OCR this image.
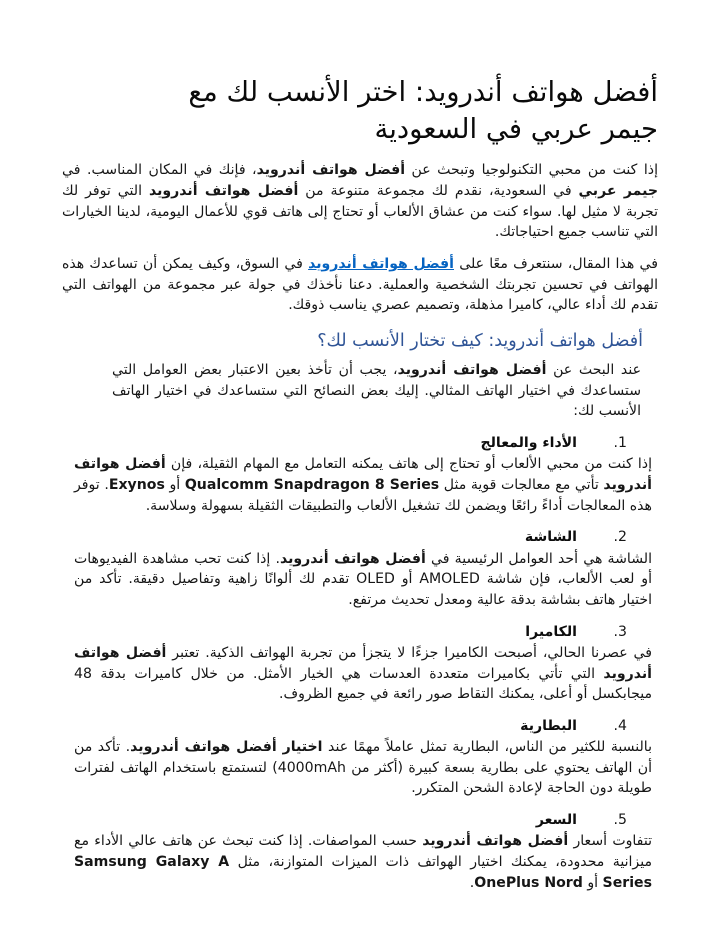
أفضل هواتف أندرويد: اختر الأنسب لك مع
جيمر عربي في السعودية

إذا كنت من محبي التكنولوجيا وتبحث عن أفضل هواتف أندرويد، فإنك في المكان المناسب. في جيمر عربي في السعودية، نقدم لك مجموعة متنوعة من أفضل هواتف أندرويد التي توفر لك تجربة لا مثيل لها. سواء كنت من عشاق الألعاب أو تحتاج إلى هاتف قوي للأعمال اليومية، لدينا الخيارات التي تناسب جميع احتياجاتك.

في هذا المقال، سنتعرف معًا على أفضل هواتف أندرويد في السوق، وكيف يمكن أن تساعدك هذه الهواتف في تحسين تجربتك الشخصية والعملية. دعنا نأخذك في جولة عبر مجموعة من الهواتف التي تقدم لك أداء عالي، كاميرا مذهلة، وتصميم عصري يناسب ذوقك.

أفضل هواتف أندرويد: كيف تختار الأنسب لك؟

عند البحث عن أفضل هواتف أندرويد، يجب أن تأخذ بعين الاعتبار بعض العوامل التي ستساعدك في اختيار الهاتف المثالي. إليك بعض النصائح التي ستساعدك في اختيار الهاتف الأنسب لك:

1.الأداء والمعالج

إذا كنت من محبي الألعاب أو تحتاج إلى هاتف يمكنه التعامل مع المهام الثقيلة، فإن أفضل هواتف أندرويد تأتي مع معالجات قوية مثل Qualcomm Snapdragon 8 Series أو Exynos. توفر هذه المعالجات أداءً رائعًا ويضمن لك تشغيل الألعاب والتطبيقات الثقيلة بسهولة وسلاسة.

2.الشاشة

الشاشة هي أحد العوامل الرئيسية في أفضل هواتف أندرويد. إذا كنت تحب مشاهدة الفيديوهات أو لعب الألعاب، فإن شاشة AMOLED أو OLED تقدم لك ألوانًا زاهية وتفاصيل دقيقة. تأكد من اختيار هاتف بشاشة بدقة عالية ومعدل تحديث مرتفع.

3.الكاميرا

في عصرنا الحالي، أصبحت الكاميرا جزءًا لا يتجزأ من تجربة الهواتف الذكية. تعتبر أفضل هواتف أندرويد التي تأتي بكاميرات متعددة العدسات هي الخيار الأمثل. من خلال كاميرات بدقة 48 ميجابكسل أو أعلى، يمكنك التقاط صور رائعة في جميع الظروف.

4.البطارية

بالنسبة للكثير من الناس، البطارية تمثل عاملاً مهمًا عند اختيار أفضل هواتف أندرويد. تأكد من أن الهاتف يحتوي على بطارية بسعة كبيرة (أكثر من 4000mAh) لتستمتع باستخدام الهاتف لفترات طويلة دون الحاجة لإعادة الشحن المتكرر.

5.السعر

تتفاوت أسعار أفضل هواتف أندرويد حسب المواصفات. إذا كنت تبحث عن هاتف عالي الأداء مع ميزانية محدودة، يمكنك اختيار الهواتف ذات الميزات المتوازنة، مثل Samsung Galaxy A Series أو OnePlus Nord.
